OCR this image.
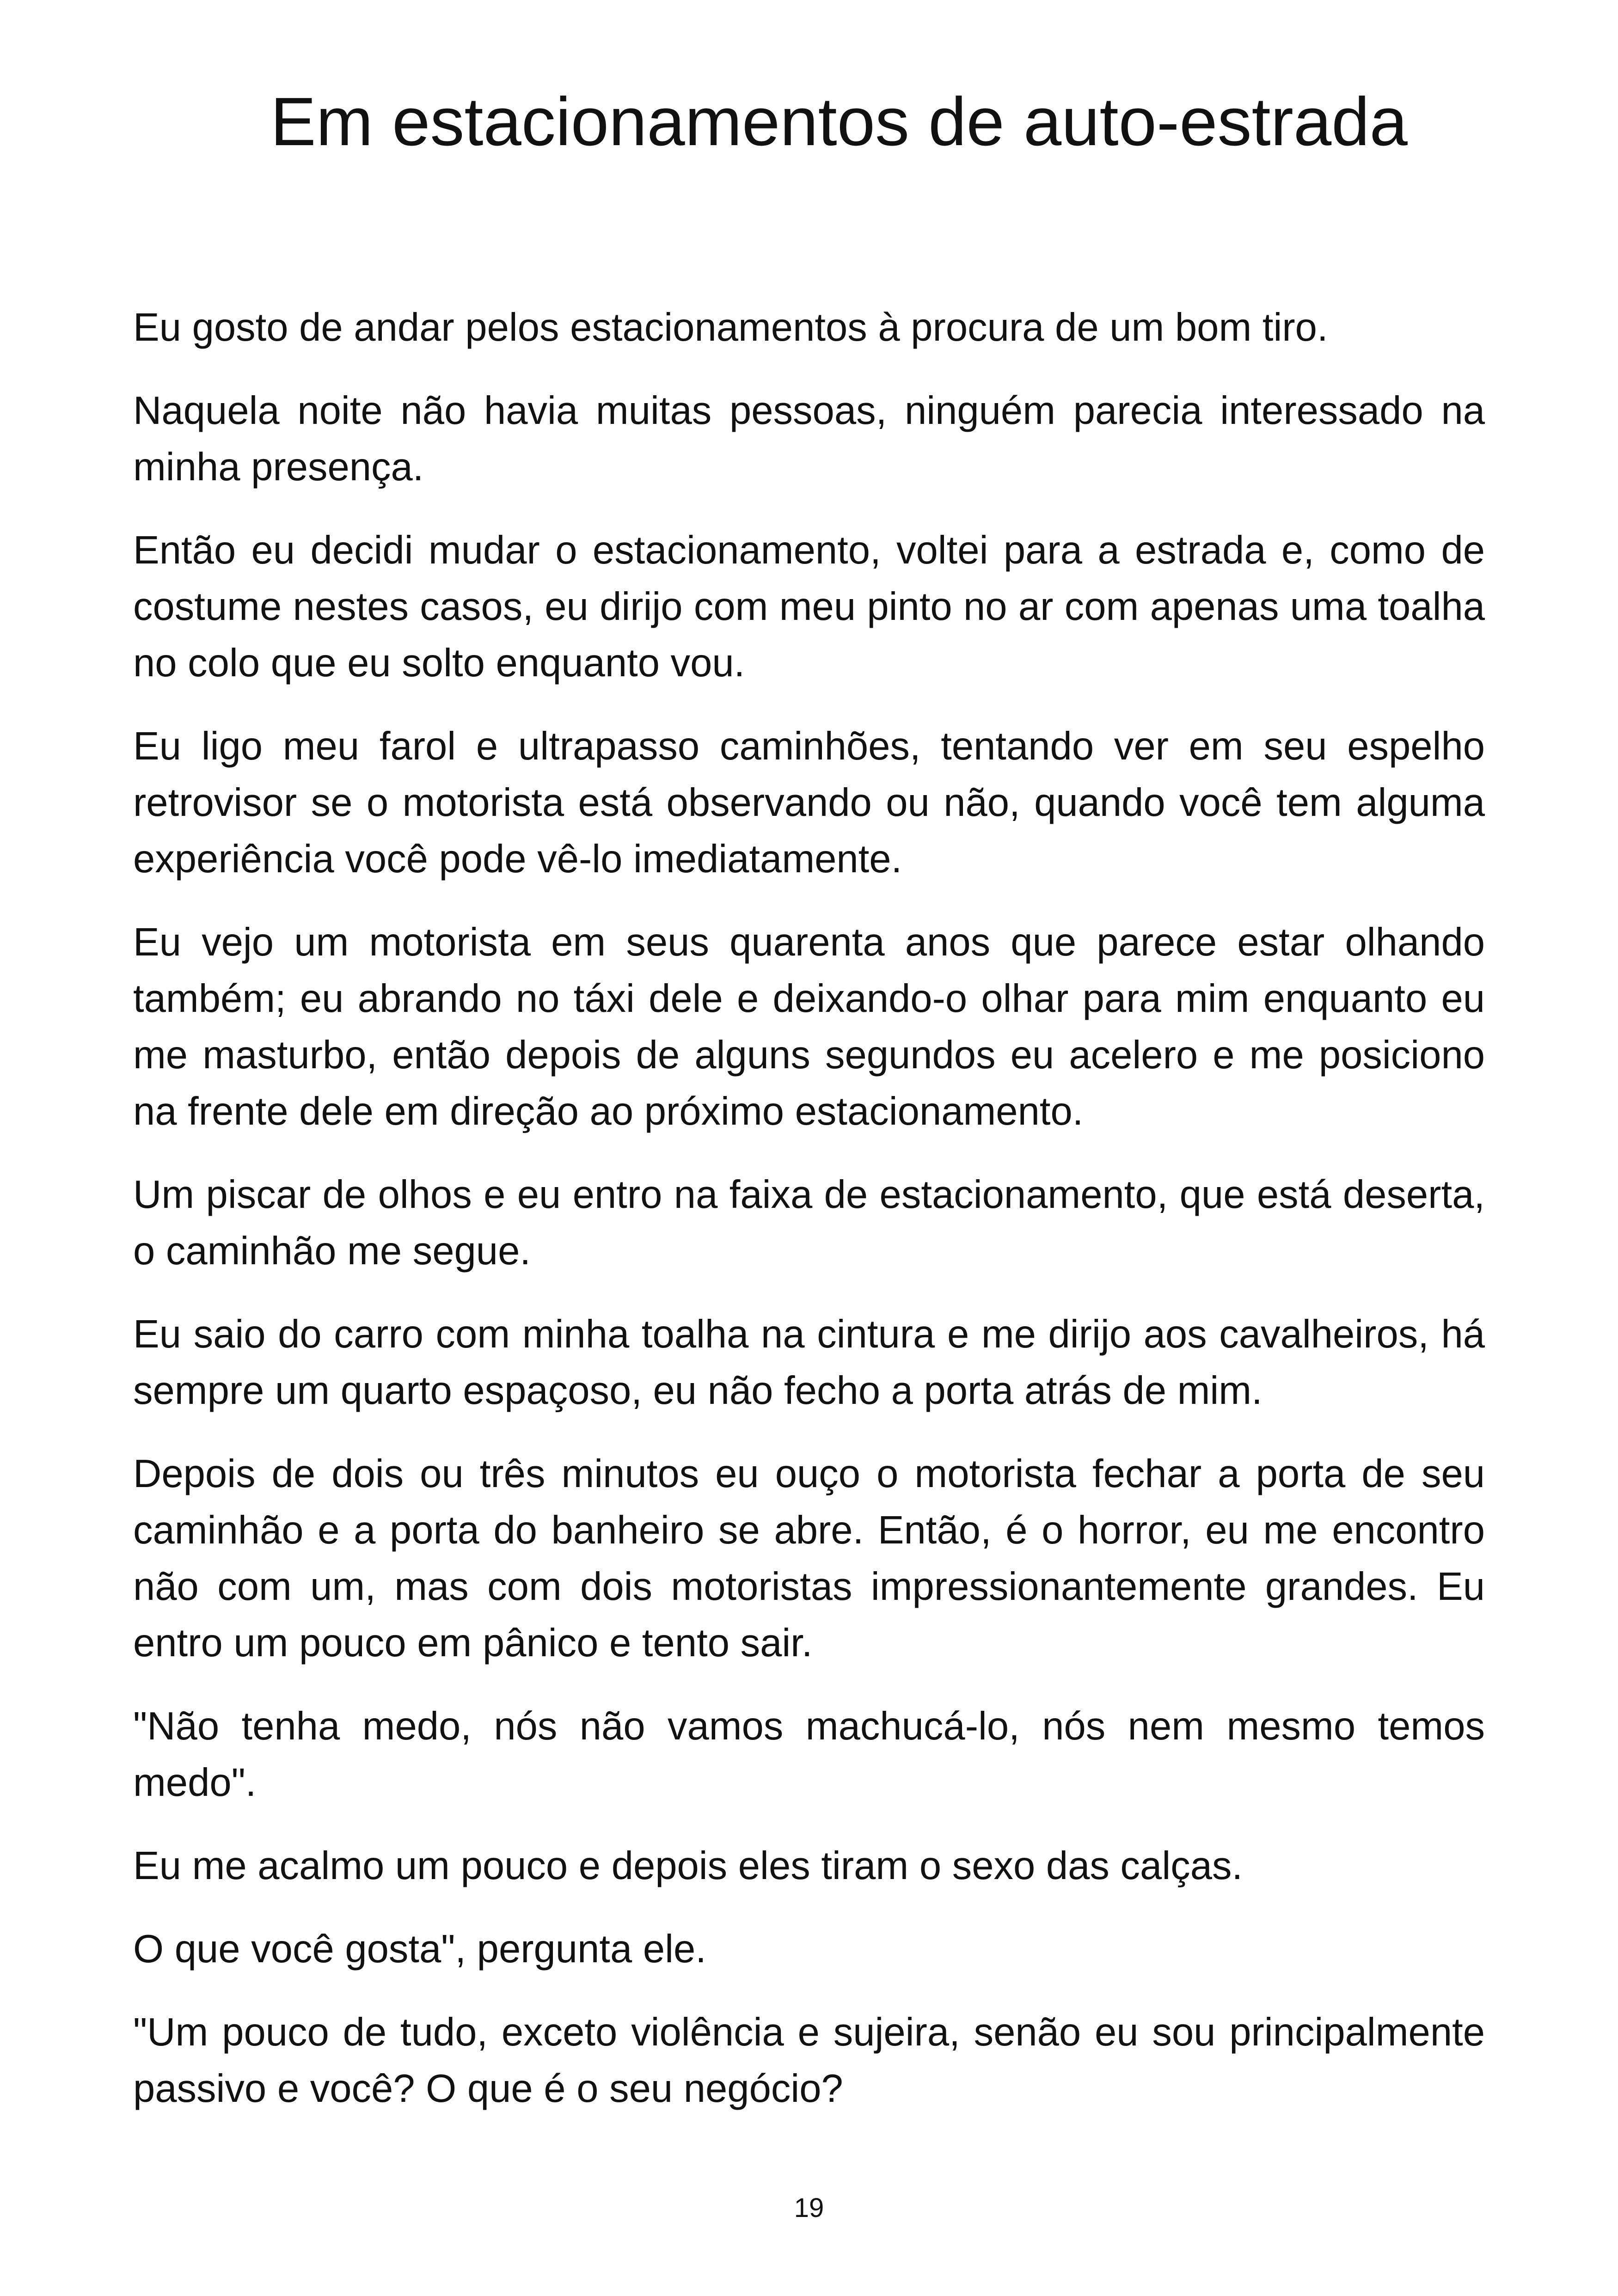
Em estacionamentos de auto-estrada

Eu gosto de andar pelos estacionamentos à procura de um bom tiro.

Naquela noite não havia muitas pessoas, ninguém parecia interessado na minha presença.

Então eu decidi mudar o estacionamento, voltei para a estrada e, como de costume nestes casos, eu dirijo com meu pinto no ar com apenas uma toalha no colo que eu solto enquanto vou.

Eu ligo meu farol e ultrapasso caminhões, tentando ver em seu espelho retrovisor se o motorista está observando ou não, quando você tem alguma experiência você pode vê-lo imediatamente.

Eu vejo um motorista em seus quarenta anos que parece estar olhando também; eu abrando no táxi dele e deixando-o olhar para mim enquanto eu me masturbo, então depois de alguns segundos eu acelero e me posiciono na frente dele em direção ao próximo estacionamento.

Um piscar de olhos e eu entro na faixa de estacionamento, que está deserta, o caminhão me segue.

Eu saio do carro com minha toalha na cintura e me dirijo aos cavalheiros, há sempre um quarto espaçoso, eu não fecho a porta atrás de mim.

Depois de dois ou três minutos eu ouço o motorista fechar a porta de seu caminhão e a porta do banheiro se abre. Então, é o horror, eu me encontro não com um, mas com dois motoristas impressionantemente grandes. Eu entro um pouco em pânico e tento sair.

"Não tenha medo, nós não vamos machucá-lo, nós nem mesmo temos medo".

Eu me acalmo um pouco e depois eles tiram o sexo das calças.

O que você gosta", pergunta ele.

"Um pouco de tudo, exceto violência e sujeira, senão eu sou principalmente passivo e você? O que é o seu negócio?

19
